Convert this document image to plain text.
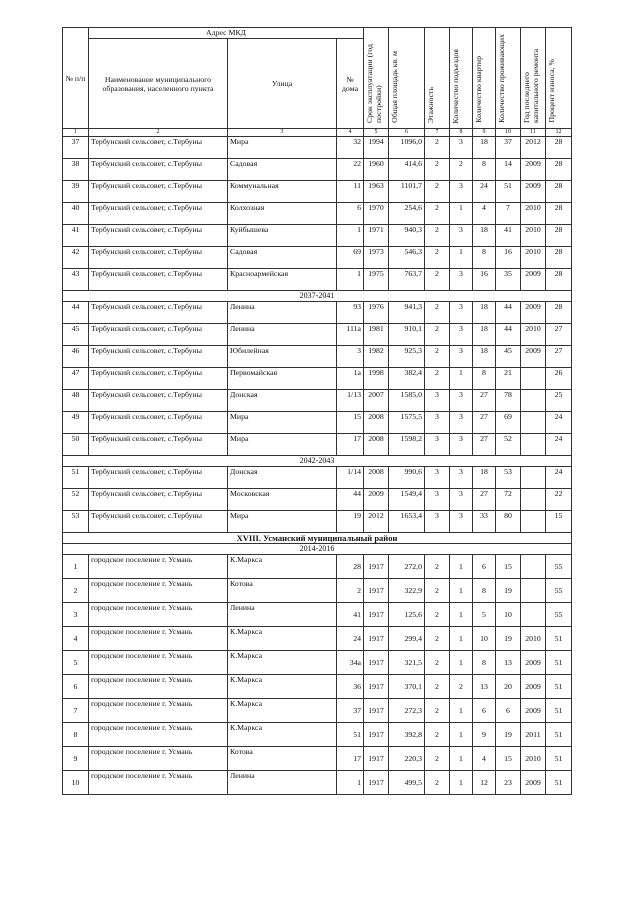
№ п/п	Адрес МКД			Срок эксплуатации (год постройки)	Общая площадь кв. м	Этажность	Количество подъездов	Количество квартир	Количество проживающих	Год последнего капитального ремонта	Процент износа, %
	Наименование муниципального образования, населенного пункта	Улица	№ дома								
1	2	3	4	5	6	7	8	9	10	11	12
37	Тербунский сельсовет, с.Тербуны	Мира	32	1994	1096,0	2	3	18	37	2012	28
38	Тербунский сельсовет, с.Тербуны	Садовая	22	1960	414,6	2	2	8	14	2009	28
39	Тербунский сельсовет, с.Тербуны	Коммунальная	11	1963	1101,7	2	3	24	51	2009	28
40	Тербунский сельсовет, с.Тербуны	Колхозная	6	1970	254,6	2	1	4	7	2010	28
41	Тербунский сельсовет, с.Тербуны	Куйбышева	1	1971	940,3	2	3	18	41	2010	28
42	Тербунский сельсовет, с.Тербуны	Садовая	69	1973	546,3	2	1	8	16	2010	28
43	Тербунский сельсовет, с.Тербуны	Красноармейская	1	1975	763,7	2	3	16	35	2009	28
2037-2041											
44	Тербунский сельсовет, с.Тербуны	Ленина	93	1976	941,3	2	3	18	44	2009	28
45	Тербунский сельсовет, с.Тербуны	Ленина	111а	1981	910,1	2	3	18	44	2010	27
46	Тербунский сельсовет, с.Тербуны	Юбилейная	3	1982	925,3	2	3	18	45	2009	27
47	Тербунский сельсовет, с.Тербуны	Первомайская	1а	1998	382,4	2	1	8	21		26
48	Тербунский сельсовет, с.Тербуны	Донская	1/13	2007	1585,0	3	3	27	78		25
49	Тербунский сельсовет, с.Тербуны	Мира	15	2008	1575,5	3	3	27	69		24
50	Тербунский сельсовет, с.Тербуны	Мира	17	2008	1598,2	3	3	27	52		24
2042-2043											
51	Тербунский сельсовет, с.Тербуны	Донская	1/14	2008	990,6	3	3	18	53		24
52	Тербунский сельсовет, с.Тербуны	Московская	44	2009	1549,4	3	3	27	72		22
53	Тербунский сельсовет, с.Тербуны	Мира	19	2012	1653,4	3	3	33	80		15
XVIII. Усманский муниципальный район											
2014-2016											
1	городское поселение г. Усмань	К.Маркса	28	1917	272,0	2	1	6	15		55
2	городское поселение г. Усмань	Котова	2	1917	322,9	2	1	8	19		55
3	городское поселение г. Усмань	Ленина	41	1917	125,6	2	1	5	10		55
4	городское поселение г. Усмань	К.Маркса	24	1917	299,4	2	1	10	19	2010	51
5	городское поселение г. Усмань	К.Маркса	34а	1917	321,5	2	1	8	13	2009	51
6	городское поселение г. Усмань	К.Маркса	36	1917	370,1	2	2	13	20	2009	51
7	городское поселение г. Усмань	К.Маркса	37	1917	272,3	2	1	6	6	2009	51
8	городское поселение г. Усмань	К.Маркса	51	1917	392,8	2	1	9	19	2011	51
9	городское поселение г. Усмань	Котова	17	1917	220,3	2	1	4	15	2010	51
10	городское поселение г. Усмань	Ленина	1	1917	499,5	2	1	12	23	2009	51
